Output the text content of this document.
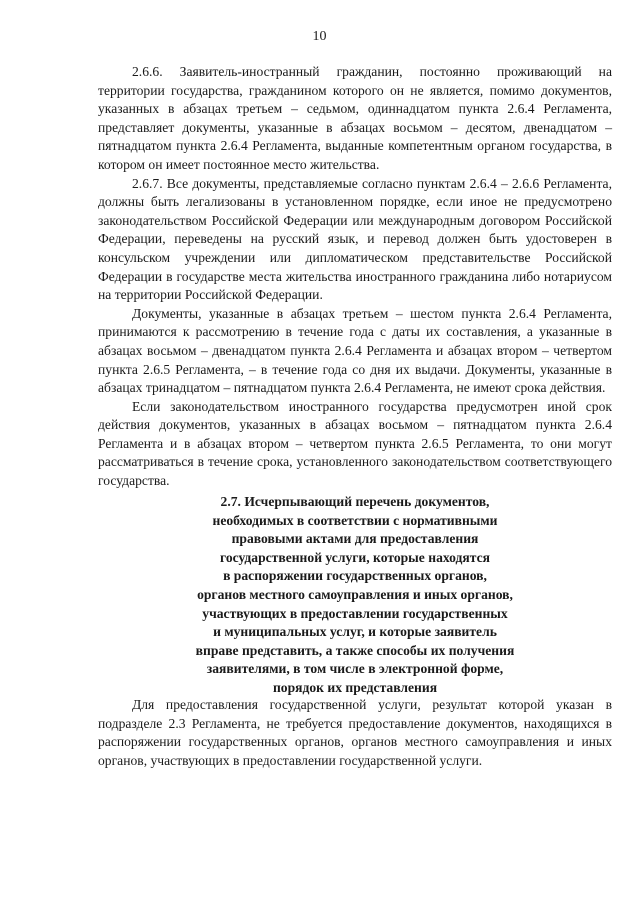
10

2.6.6. Заявитель-иностранный гражданин, постоянно проживающий на территории государства, гражданином которого он не является, помимо документов, указанных в абзацах третьем – седьмом, одиннадцатом пункта 2.6.4 Регламента, представляет документы, указанные в абзацах восьмом – десятом, двенадцатом – пятнадцатом пункта 2.6.4 Регламента, выданные компетентным органом государства, в котором он имеет постоянное место жительства.

2.6.7. Все документы, представляемые согласно пунктам 2.6.4 – 2.6.6 Регламента, должны быть легализованы в установленном порядке, если иное не предусмотрено законодательством Российской Федерации или международным договором Российской Федерации, переведены на русский язык, и перевод должен быть удостоверен в консульском учреждении или дипломатическом представительстве Российской Федерации в государстве места жительства иностранного гражданина либо нотариусом на территории Российской Федерации.

Документы, указанные в абзацах третьем – шестом пункта 2.6.4 Регламента, принимаются к рассмотрению в течение года с даты их составления, а указанные в абзацах восьмом – двенадцатом пункта 2.6.4 Регламента и абзацах втором – четвертом пункта 2.6.5 Регламента, – в течение года со дня их выдачи. Документы, указанные в абзацах тринадцатом – пятнадцатом пункта 2.6.4 Регламента, не имеют срока действия.

Если законодательством иностранного государства предусмотрен иной срок действия документов, указанных в абзацах восьмом – пятнадцатом пункта 2.6.4 Регламента и в абзацах втором – четвертом пункта 2.6.5 Регламента, то они могут рассматриваться в течение срока, установленного законодательством соответствующего государства.

2.7. Исчерпывающий перечень документов,
необходимых в соответствии с нормативными
правовыми актами для предоставления
государственной услуги, которые находятся
в распоряжении государственных органов,
органов местного самоуправления и иных органов,
участвующих в предоставлении государственных
и муниципальных услуг, и которые заявитель
вправе представить, а также способы их получения
заявителями, в том числе в электронной форме,
порядок их представления

Для предоставления государственной услуги, результат которой указан в подразделе 2.3 Регламента, не требуется предоставление документов, находящихся в распоряжении государственных органов, органов местного самоуправления и иных органов, участвующих в предоставлении государственной услуги.
